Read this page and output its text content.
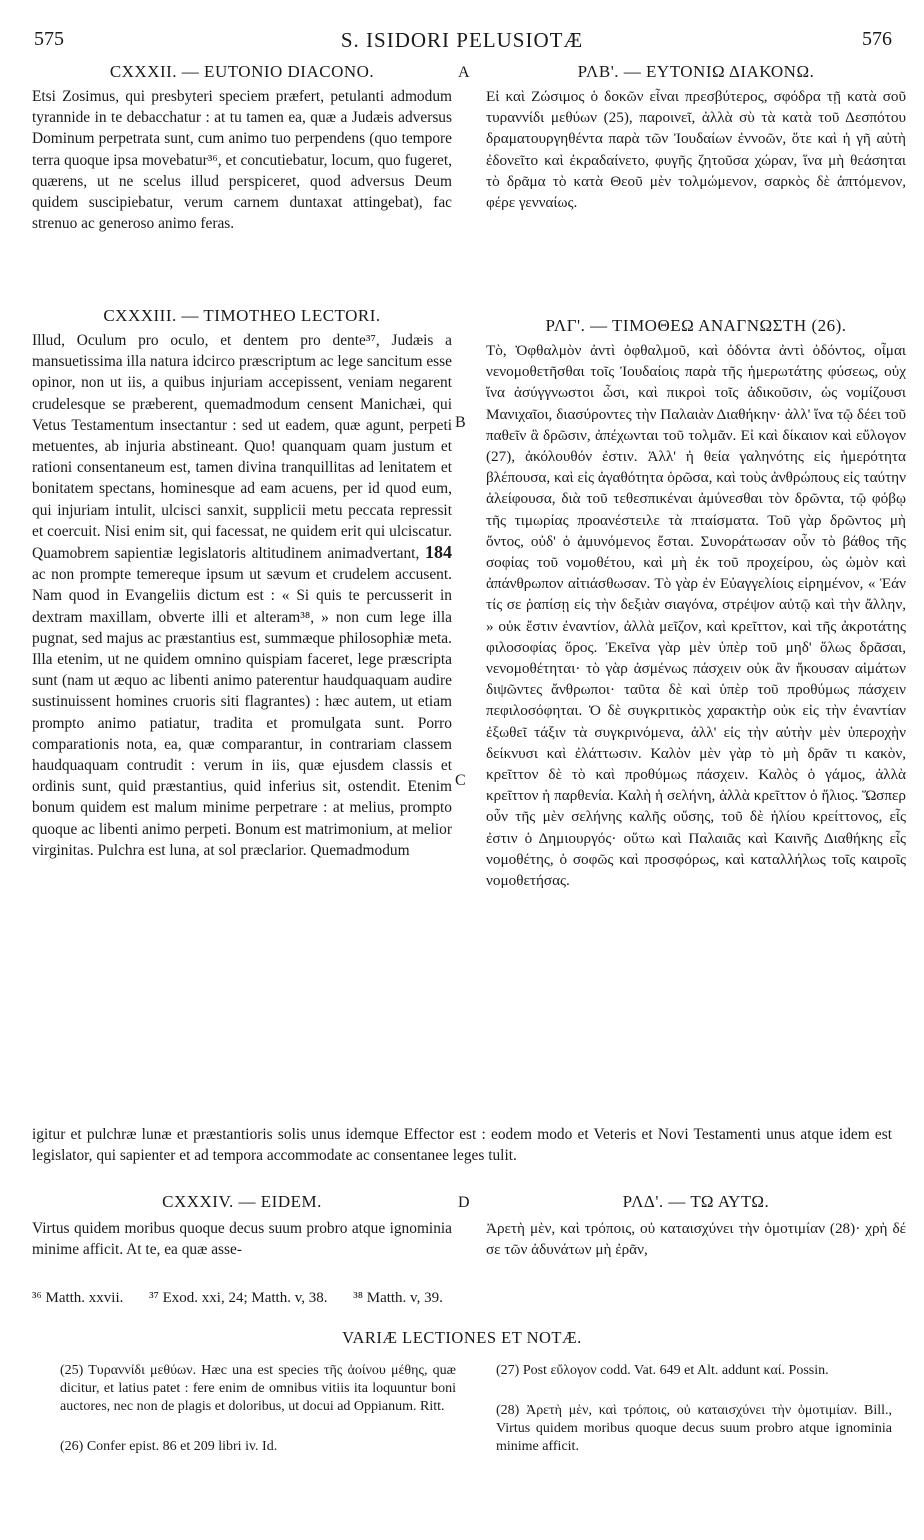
575	S. ISIDORI PELUSIOTÆ	576
CXXXII. — EUTONIO DIACONO.	ΡΛΒ'. — ΕΥΤΟΝΙΩ ΔΙΑΚΟΝΩ.
A
Etsi Zosimus, qui presbyteri speciem præfert, petulanti admodum tyrannide in te debacchatur : at tu tamen ea, quæ a Judæis adversus Dominum perpetrata sunt, cum animo tuo perpendens (quo tempore terra quoque ipsa movebatur³⁶, et concutiebatur, locum, quo fugeret, quærens, ut ne scelus illud perspiceret, quod adversus Deum quidem suscipiebatur, verum carnem duntaxat attingebat), fac strenuo ac generoso animo feras.
Εἰ καὶ Ζώσιμος ὁ δοκῶν εἶναι πρεσβύτερος, σφόδρα τῇ κατὰ σοῦ τυραννίδι μεθύων (25), παροινεῖ, ἀλλὰ σὺ τὰ κατὰ τοῦ Δεσπότου δραματουργηθέντα παρὰ τῶν Ἰουδαίων ἐννοῶν, ὅτε καὶ ἡ γῆ αὐτὴ ἐδονεῖτο καὶ ἐκραδαίνετο, φυγῆς ζητοῦσα χώραν, ἵνα μὴ θεάσηται τὸ δρᾶμα τὸ κατὰ Θεοῦ μὲν τολμώμενον, σαρκὸς δὲ ἁπτόμενον, φέρε γενναίως.
CXXXIII. — TIMOTHEO LECTORI.
ΡΛΓ'. — ΤΙΜΟΘΕΩ ΑΝΑΓΝΩΣΤΗ (26).
Illud, Oculum pro oculo, et dentem pro dente³⁷, Judæis a mansuetissima illa natura idcirco præscriptum ac lege sancitum esse opinor, non ut iis, a quibus injuriam accepissent, veniam negarent crudelesque se præberent, quemadmodum censent Manichæi, qui Vetus Testamentum insectantur : sed ut eadem, quæ agunt, perpeti metuentes, ab injuria abstineant. Quo! quanquam quam justum et rationi consentaneum est, tamen divina tranquillitas ad lenitatem et bonitatem spectans, hominesque ad eam acuens, per id quod eum, qui injuriam intulit, ulcisci sanxit, supplicii metu peccata repressit et coercuit. Nisi enim sit, qui facessat, ne quidem erit qui ulciscatur. Quamobrem sapientiæ legislatoris altitudinem animadvertant, 184 ac non prompte temereque ipsum ut sævum et crudelem accusent. Nam quod in Evangeliis dictum est : « Si quis te percusserit in dextram maxillam, obverte illi et alteram³⁸, » non cum lege illa pugnat, sed majus ac præstantius est, summæque philosophiæ meta. Illa etenim, ut ne quidem omnino quispiam faceret, lege præscripta sunt (nam ut æquo ac libenti animo paterentur haudquaquam audire sustinuissent homines cruoris siti flagrantes) : hæc autem, ut etiam prompto animo patiatur, tradita et promulgata sunt. Porro comparationis nota, ea, quæ comparantur, in contrariam classem haudquaquam contrudit : verum in iis, quæ ejusdem classis et ordinis sunt, quid præstantius, quid inferius sit, ostendit. Etenim bonum quidem est malum minime perpetrare : at melius, prompto quoque ac libenti animo perpeti. Bonum est matrimonium, at melior virginitas. Pulchra est luna, at sol præclarior. Quemadmodum
B
C
Τὸ, Ὀφθαλμὸν ἀντὶ ὀφθαλμοῦ, καὶ ὀδόντα ἀντὶ ὀδόντος, οἶμαι νενομοθετῆσθαι τοῖς Ἰουδαίοις παρὰ τῆς ἡμερωτάτης φύσεως, οὐχ ἵνα ἀσύγγνωστοι ὦσι, καὶ πικροὶ τοῖς ἀδικοῦσιν, ὡς νομίζουσι Μανιχαῖοι, διασύροντες τὴν Παλαιὰν Διαθήκην· ἀλλ' ἵνα τῷ δέει τοῦ παθεῖν ἃ δρῶσιν, ἀπέχωνται τοῦ τολμᾶν. Εἰ καὶ δίκαιον καὶ εὔλογον (27), ἀκόλουθόν ἐστιν. Ἀλλ' ἡ θεία γαληνότης εἰς ἡμερότητα βλέπουσα, καὶ εἰς ἀγαθότητα ὁρῶσα, καὶ τοὺς ἀνθρώπους εἰς ταύτην ἀλείφουσα, διὰ τοῦ τεθεσπικέναι ἀμύνεσθαι τὸν δρῶντα, τῷ φόβῳ τῆς τιμωρίας προανέστειλε τὰ πταίσματα. Τοῦ γὰρ δρῶντος μὴ ὄντος, οὐδ' ὁ ἀμυνόμενος ἔσται. Συνοράτωσαν οὖν τὸ βάθος τῆς σοφίας τοῦ νομοθέτου, καὶ μὴ ἐκ τοῦ προχείρου, ὡς ὠμὸν καὶ ἀπάνθρωπον αἰτιάσθωσαν. Τὸ γὰρ ἐν Εὐαγγελίοις εἰρημένον, « Ἐάν τίς σε ῥαπίσῃ εἰς τὴν δεξιὰν σιαγόνα, στρέψον αὐτῷ καὶ τὴν ἄλλην, » οὐκ ἔστιν ἐναντίον, ἀλλὰ μεῖζον, καὶ κρεῖττον, καὶ τῆς ἀκροτάτης φιλοσοφίας ὅρος. Ἐκεῖνα γὰρ μὲν ὑπὲρ τοῦ μηδ' ὅλως δρᾶσαι, νενομοθέτηται· τὸ γὰρ ἀσμένως πάσχειν οὐκ ἂν ἤκουσαν αἱμάτων διψῶντες ἄνθρωποι· ταῦτα δὲ καὶ ὑπὲρ τοῦ προθύμως πάσχειν πεφιλοσόφηται. Ὁ δὲ συγκριτικὸς χαρακτὴρ οὐκ εἰς τὴν ἐναντίαν ἐξωθεῖ τάξιν τὰ συγκρινόμενα, ἀλλ' εἰς τὴν αὐτὴν μὲν ὑπεροχὴν δείκνυσι καὶ ἐλάττωσιν. Καλὸν μὲν γὰρ τὸ μὴ δρᾶν τι κακὸν, κρεῖττον δὲ τὸ καὶ προθύμως πάσχειν. Καλὸς ὁ γάμος, ἀλλὰ κρεῖττον ἡ παρθενία. Καλὴ ἡ σελήνη, ἀλλὰ κρεῖττον ὁ ἥλιος. Ὥσπερ οὖν τῆς μὲν σελήνης καλῆς οὔσης, τοῦ δὲ ἡλίου κρείττονος, εἷς ἐστιν ὁ Δημιουργός· οὕτω καὶ Παλαιᾶς καὶ Καινῆς Διαθήκης εἷς νομοθέτης, ὁ σοφῶς καὶ προσφόρως, καὶ καταλλήλως τοῖς καιροῖς νομοθετήσας.
igitur et pulchræ lunæ et præstantioris solis unus idemque Effector est : eodem modo et Veteris et Novi Testamenti unus atque idem est legislator, qui sapienter et ad tempora accommodate ac consentanee leges tulit.
CXXXIV. — EIDEM.	ΡΛΔ'. — ΤΩ ΑΥΤΩ.
D
Virtus quidem moribus quoque decus suum probro atque ignominia minime afficit. At te, ea quæ asse-
Ἀρετὴ μὲν, καὶ τρόποις, οὐ καταισχύνει τὴν ὁμοτιμίαν (28)· χρὴ δέ σε τῶν ἀδυνάτων μὴ ἐρᾶν,
³⁶ Matth. xxvii. ³⁷ Exod. xxi, 24; Matth. v, 38. ³⁸ Matth. v, 39.
VARIÆ LECTIONES ET NOTÆ.
(25) Τυραννίδι μεθύων. Hæc una est species τῆς ἀοίνου μέθης, quæ dicitur, et latius patet : fere enim de omnibus vitiis ita loquuntur boni auctores, nec non de plagis et doloribus, ut docui ad Oppianum. Ritt.
(26) Confer epist. 86 et 209 libri iv. Id.
(27) Post εὔλογον codd. Vat. 649 et Alt. addunt καί. Possin.
(28) Ἀρετὴ μὲν, καὶ τρόποις, οὐ καταισχύνει τὴν ὁμοτιμίαν. Bill., Virtus quidem moribus quoque decus suum probro atque ignominia minime afficit.
